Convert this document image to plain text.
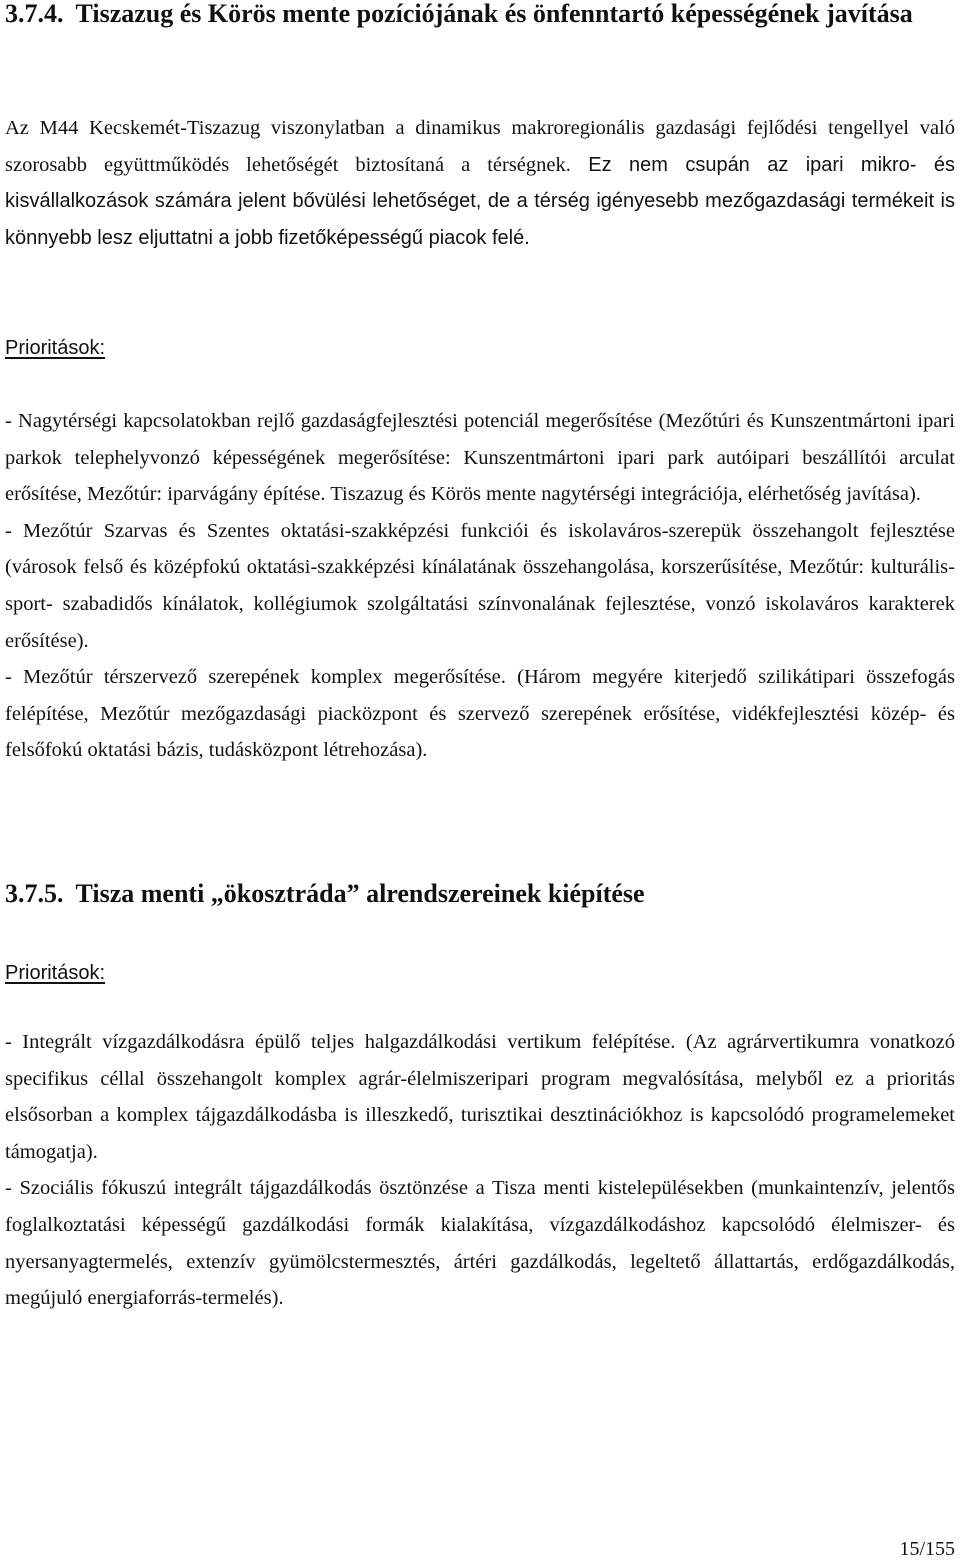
3.7.4. Tiszazug és Körös mente pozíciójának és önfenntartó képességének javítása

Az M44 Kecskemét-Tiszazug viszonylatban a dinamikus makroregionális gazdasági fejlődési tengellyel való szorosabb együttműködés lehetőségét biztosítaná a térségnek. Ez nem csupán az ipari mikro- és kisvállalkozások számára jelent bővülési lehetőséget, de a térség igényesebb mezőgazdasági termékeit is könnyebb lesz eljuttatni a jobb fizetőképességű piacok felé.

Prioritások:

- Nagytérségi kapcsolatokban rejlő gazdaságfejlesztési potenciál megerősítése (Mezőtúri és Kunszentmártoni ipari parkok telephelyvonzó képességének megerősítése: Kunszentmártoni ipari park autóipari beszállítói arculat erősítése, Mezőtúr: iparvágány építése. Tiszazug és Körös mente nagytérségi integrációja, elérhetőség javítása).

- Mezőtúr Szarvas és Szentes oktatási-szakképzési funkciói és iskolaváros-szerepük összehangolt fejlesztése (városok felső és középfokú oktatási-szakképzési kínálatának összehangolása, korszerűsítése, Mezőtúr: kulturális- sport- szabadidős kínálatok, kollégiumok szolgáltatási színvonalának fejlesztése, vonzó iskolaváros karakterek erősítése).

- Mezőtúr térszervező szerepének komplex megerősítése. (Három megyére kiterjedő szilikátipari összefogás felépítése, Mezőtúr mezőgazdasági piacközpont és szervező szerepének erősítése, vidékfejlesztési közép- és felsőfokú oktatási bázis, tudásközpont létrehozása).

3.7.5. Tisza menti „ökosztráda” alrendszereinek kiépítése
Prioritások:

- Integrált vízgazdálkodásra épülő teljes halgazdálkodási vertikum felépítése. (Az agrárvertikumra vonatkozó specifikus céllal összehangolt komplex agrár-élelmiszeripari program megvalósítása, melyből ez a prioritás elsősorban a komplex tájgazdálkodásba is illeszkedő, turisztikai desztinációkhoz is kapcsolódó programelemeket támogatja).

- Szociális fókuszú integrált tájgazdálkodás ösztönzése a Tisza menti kistelepülésekben (munkaintenzív, jelentős foglalkoztatási képességű gazdálkodási formák kialakítása, vízgazdálkodáshoz kapcsolódó élelmiszer- és nyersanyagtermelés, extenzív gyümölcstermesztés, ártéri gazdálkodás, legeltető állattartás, erdőgazdálkodás, megújuló energiaforrás-termelés).

15/155
